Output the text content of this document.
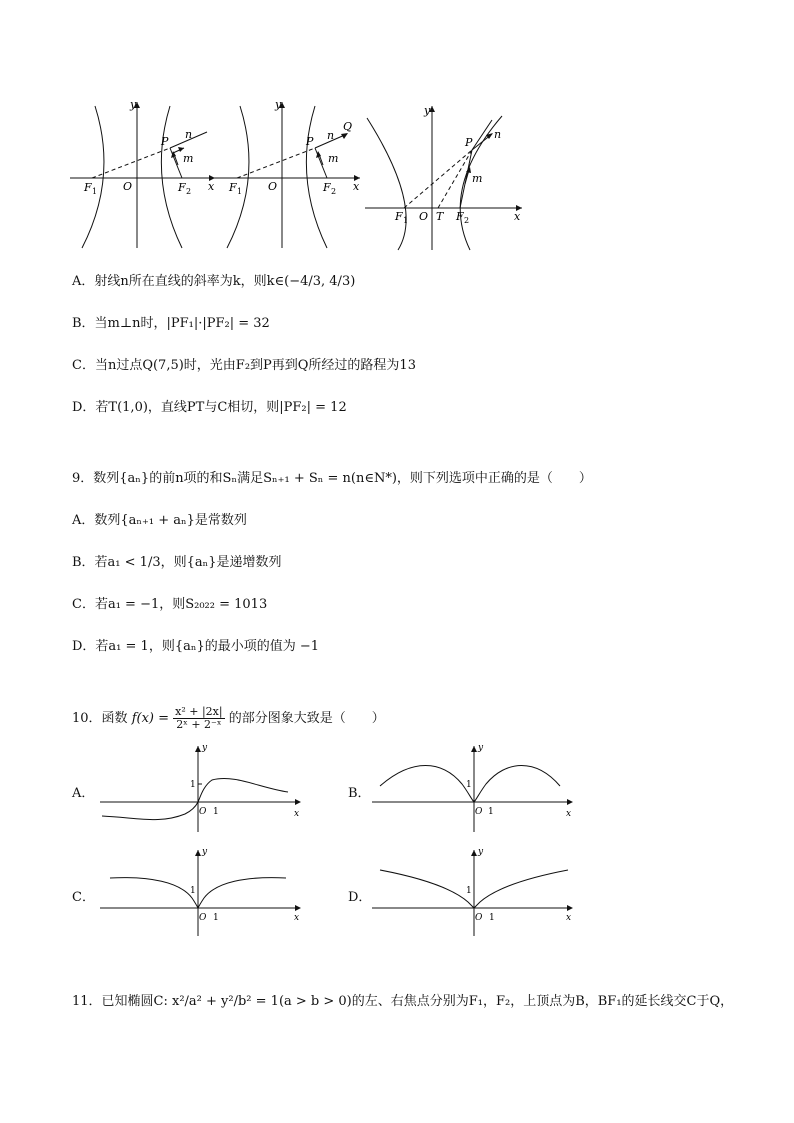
y
x
O
F 1	F 2
P
n
m
y
x
O
F 1	F 2
P n
Q
m
y
x
O T
F 1	F 2
P
n
m
A．射线n所在直线的斜率为k，则k∈(−4/3, 4/3)
B．当m⊥n时，|PF₁|·|PF₂| = 32
C．当n过点Q(7,5)时，光由F₂到P再到Q所经过的路程为13
D．若T(1,0)，直线PT与C相切，则|PF₂| = 12
9．数列{aₙ}的前n项的和Sₙ满足Sₙ₊₁ + Sₙ = n(n∈N*)，则下列选项中正确的是（　　）
A．数列{aₙ₊₁ + aₙ}是常数列
B．若a₁ < 1/3，则{aₙ}是递增数列
C．若a₁ = −1，则S₂₀₂₂ = 1013
D．若a₁ = 1，则{aₙ}的最小项的值为 −1
10．函数 $f(x) = \frac{\text{x² + |2x|}}{\text{2ˣ + 2⁻ˣ}}$ 的部分图象大致是（　　）
A．	B．
C．	D．
y
x
O
1
1
y
x
O
1
1
y
x
O
1
1
y
x
O
1
1
11．已知椭圆C: x²/a² + y²/b² = 1(a > b > 0)的左、右焦点分别为F₁，F₂，上顶点为B，BF₁的延长线交C于Q，
